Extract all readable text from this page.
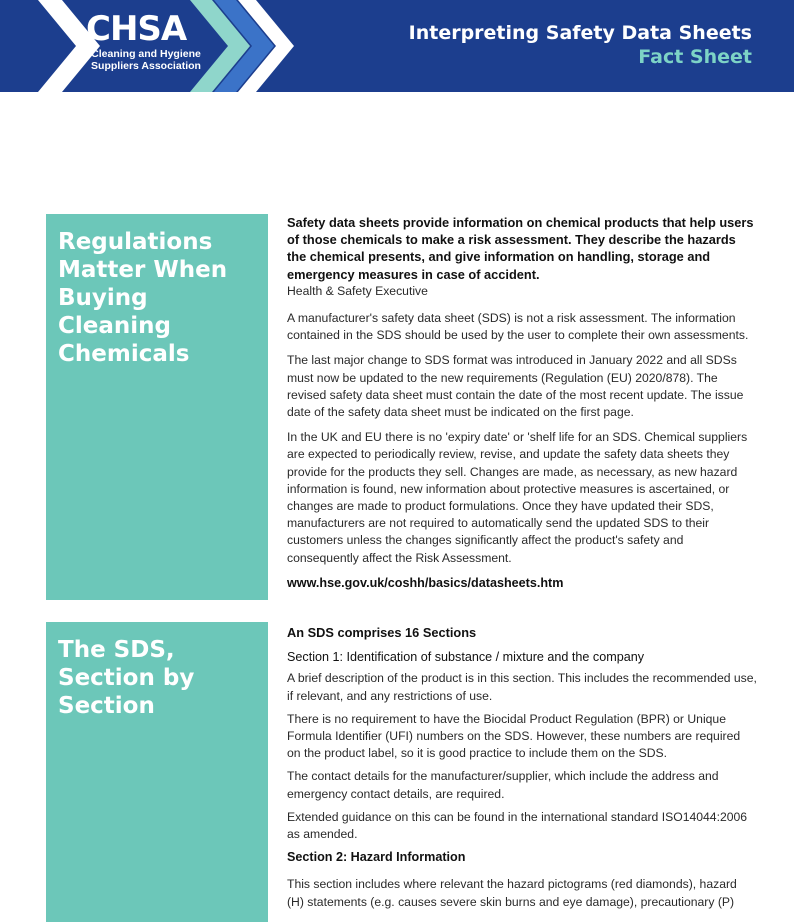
CHSA
Cleaning and Hygiene Suppliers Association
Interpreting Safety Data Sheets
Fact Sheet
Regulations Matter When Buying Cleaning Chemicals

Safety data sheets provide information on chemical products that help users of those chemicals to make a risk assessment. They describe the hazards the chemical presents, and give information on handling, storage and emergency measures in case of accident.

Health & Safety Executive

A manufacturer's safety data sheet (SDS) is not a risk assessment. The information contained in the SDS should be used by the user to complete their own assessments.

The last major change to SDS format was introduced in January 2022 and all SDSs must now be updated to the new requirements (Regulation (EU) 2020/878). The revised safety data sheet must contain the date of the most recent update. The issue date of the safety data sheet must be indicated on the first page.

In the UK and EU there is no 'expiry date' or 'shelf life for an SDS. Chemical suppliers are expected to periodically review, revise, and update the safety data sheets they provide for the products they sell. Changes are made, as necessary, as new hazard information is found, new information about protective measures is ascertained, or changes are made to product formulations. Once they have updated their SDS, manufacturers are not required to automatically send the updated SDS to their customers unless the changes significantly affect the product's safety and consequently affect the Risk Assessment.

www.hse.gov.uk/coshh/basics/datasheets.htm

The SDS, Section by Section

An SDS comprises 16 Sections

Section 1: Identification of substance / mixture and the company

A brief description of the product is in this section. This includes the recommended use, if relevant, and any restrictions of use.

There is no requirement to have the Biocidal Product Regulation (BPR) or Unique Formula Identifier (UFI) numbers on the SDS. However, these numbers are required on the product label, so it is good practice to include them on the SDS.

The contact details for the manufacturer/supplier, which include the address and emergency contact details, are required.

Extended guidance on this can be found in the international standard ISO14044:2006 as amended.

Section 2: Hazard Information

This section includes where relevant the hazard pictograms (red diamonds), hazard (H) statements (e.g. causes severe skin burns and eye damage), precautionary (P)
